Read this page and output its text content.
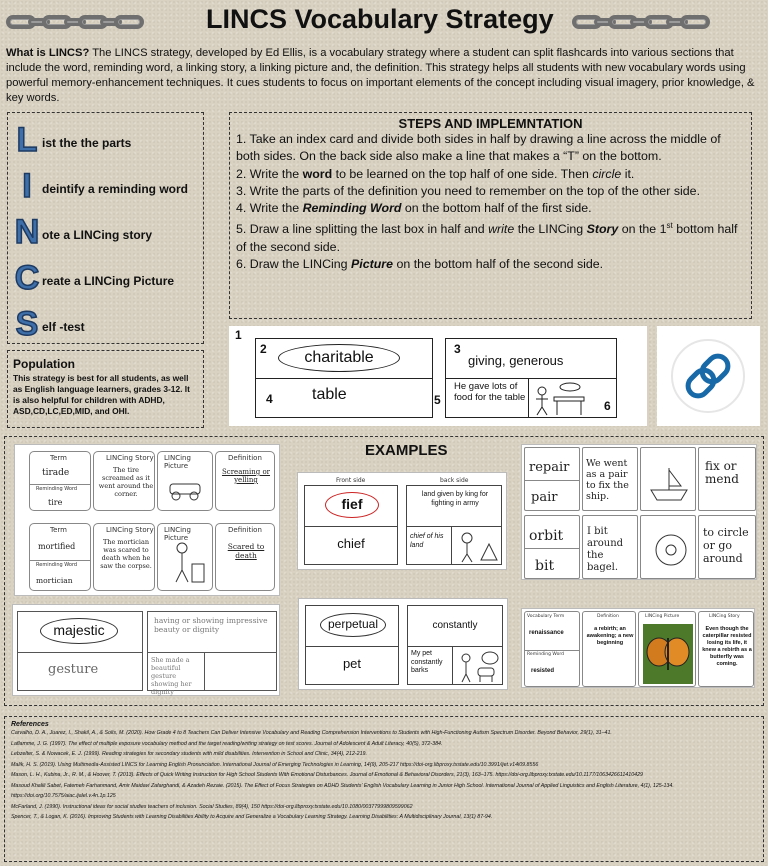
LINCS Vocabulary Strategy
What is LINCS? The LINCS strategy, developed by Ed Ellis, is a vocabulary strategy where a student can split flashcards into various sections that include the word, reminding word, a linking story, a linking picture and, the definition. This strategy helps all students with new vocabulary words using powerful memory-enhancement techniques. It cues students to focus on important elements of the concept including visual imagery, prior knowledge, & key words.
L ist the the parts
I deintify a reminding word
N ote a LINCing story
C reate a LINCing Picture
S elf -test
Population
This strategy is best for all students, as well as English language learners, grades 3-12. It is also helpful for children with ADHD, ASD,CD,LC,ED,MID, and OHI.
STEPS AND IMPLEMNTATION
1. Take an index card and divide both sides in half by drawing a line across the middle of both sides. On the back side also make a line that makes a “T” on the bottom.
2. Write the word to be learned on the top half of one side. Then circle it.
3. Write the parts of the definition you need to remember on the top of the other side.
4. Write the Reminding Word on the bottom half of the first side.
5. Draw a line splitting the last box in half and write the LINCing Story on the 1st bottom half of the second side.
6. Draw the LINCing Picture on the bottom half of the second side.
1
2	charitable
4 table	5
3
giving, generous
He gave lots of food for the table
6
EXAMPLES
Term
tirade
Reminding Word
tire
LINCing Story
The tire screamed as it went around the corner.
LINCing Picture
Definition
Screaming or yelling
Term
mortified
Reminding Word
mortician
LINCing Story
The mortician was scared to death when he saw the corpse.
LINCing Picture
Definition
Scared to death
Front side	back side
fief
chief
land given by king for fighting in army
chief of his land
repair
pair
We went as a pair to fix the ship.
fix or mend
orbit
bit
I bit around the bagel.
to circle or go around
majestic
gesture
having or showing impressive beauty or dignity
She made a beautiful gesture showing her dignity
perpetual
pet
constantly
My pet constantly barks
Vocabulary Term
renaissance
Reminding Word
resisted
Definition
a rebirth; an awakening; a new beginning
LINCing Picture	LINCing Story
Even though the caterpillar resisted losing its life, it knew a rebirth as a butterfly was coming.
References
Carvalho, D. A., Juarez, I., Shakil, A., & Solis, M. (2020). How Grade 4 to 8 Teachers Can Deliver Intensive Vocabulary and Reading Comprehension Interventions to Students with High-Functioning Autism Spectrum Disorder. Beyond Behavior, 29(1), 31–41.
Laflamme, J. G. (1997). The effect of multiple exposure vocabulary method and the target reading/writing strategy on test scores. Journal of Adolescent & Adult Literacy, 40(5), 372-384.
Lebzelter, S. & Nowacek, E. J. (1999). Reading strategies for secondary students with mild disabilities. Intervention in School and Clinic, 34(4), 212-219.
Malik, H. S. (2019). Using Multimedia-Assisted LINCS for Learning English Pronunciation. International Journal of Emerging Technologies in Learning, 14(9), 205-217 https://doi-org.libproxy.txstate.edu/10.3991/ijet.v14i09.8556
Mason, L. H., Kubina, Jr., R. M., & Hoover, T. (2013). Effects of Quick Writing Instruction for High School Students With Emotional Disturbances. Journal of Emotional & Behavioral Disorders, 21(3), 163–175. https://doi-org.libproxy.txstate.edu/10.1177/1063426611410429
Masoud Khalili Sabet, Fatemeh Farhanmand, Amir Maidavi Zafarghandi, & Azadeh Rezaie. (2015). The Effect of Focus Strategies on ADHD Students' English Vocabulary Learning in Junior High School. International Journal of Applied Linguistics and English Literature, 4(1), 125-134. https://doi.org/10.7575/aiac.ijalel.v.4n.1p.125
McFarland, J. (1990). Instructional ideas for social studies teachers of inclusion. Social Studies, 89(4), 150 https://doi-org.libproxy.txstate.edu/10.1080/00377999809599062
Spencer, T., & Logan, K. (2016). Improving Students with Learning Disabilities Ability to Acquire and Generalize a Vocabulary Learning Strategy. Learning Disabilities: A Multidisciplinary Journal, 13(1) 87-94.
